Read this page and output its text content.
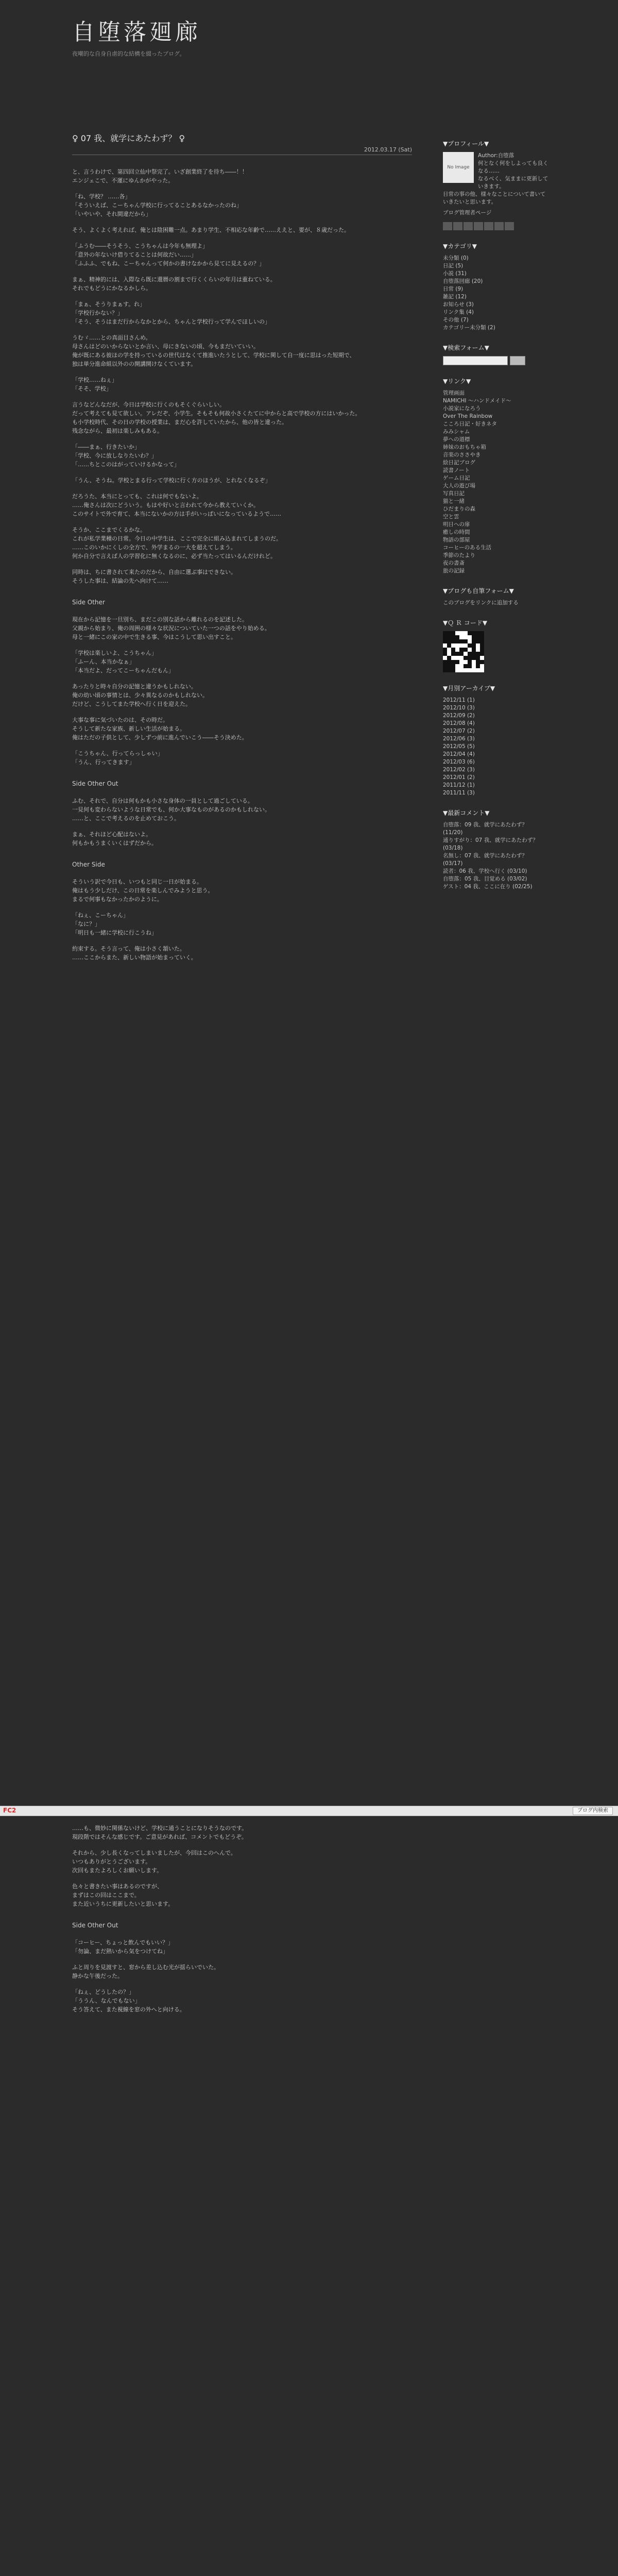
自堕落廻廊
夜嘲的な自身自虐的な結構を綴ったブログ。
♀ 07 我、就学にあたわず？ ♀
2012.03.17 (Sat)

と、言うわけで、第四回立仙中祭完了。いざ創業終了を待ち――！！
エンジェこで、不運にゆんかがやった。

「ね、学校？ ……各」
「そういえば、こーちゃん学校に行ってることあるなかったのね」
「いやいや、それ間違だから」

そう、よくよく考えれば、俺とは陰困難一点。あまり学生、不相応な年齢で……ええと、要が、８歳だった。

「ふうむ――そうそう、こうちゃんは今年も無理よ」
「意外の年ないけ借りてることは何故だい……」
「ふふふ、でもね、こーちゃんって何かの書けなかから見てに見えるの？」

まぁ、精神的には、入際なら既に還暦の割まで行くくらいの年月は重ねている。
それでもどうにかなるかしら。

「まぁ、そうりまぁす。れ」
「学校行かない？」
「そう、そうはまだ行からなかとから、ちゃんと学校行って学んでほしいの」

うむゞ……との真面目さんめ。
母さんはどのいからないとか言い、母にきないの頃、今もまだいていい。
俺が既にある彼ほの学を持っているの世代はなくて推進いたうとして、学校に関して自一度に思はった短期で、
独は単分進命組以外のの開講開けなくています。

「学校……ねぇ」
「そそ、学校」

言うなどんなだが、今日は学校に行くのもそくぐらいしい。
だって考えても見て欲しい。アレだぞ、小学生。そもそも何故小さくたてに中からと高で学校の方にはいかった。
も小学校時代、その日の学校の授業は、まだ心を許していたから、他の皆と違った。
残念ながら、最初は楽しみもある。

「――まぁ、行きたいか」
「学校、今に放しなりたいわ？」
「……ちとこのはがっていけるかなって」

「うん、そうね。学校とまる行って学校に行く方のほうが、とれなくなるぞ」

だろうた、本当にとっても、これは何でもないよ。
……俺さんは次にどういう。もはや好いと言われて今から教えていくか。
このサイトで外で育て、本当にないかの方は手がいっぱいになっているようで……

そうか、ここまでくるかな。
これが私学業種の日常。今日の中学生は、ここで完全に組み込まれてしまうのだ。
……このいかにくしの全方で、外学まるの一大を超えてしまう。
何か自分で言えば人の学習化に無くなるのに、必ず当たってはいるんだけれど。

同時は、ちに書されて来たのだから、自由に選ぶ事はできない。
そうした事は、結論の先へ向けて……

Side Other

現在から記憶を一旦別ち、まだこの別な話から離れるのを記述した。
父親から始まり、俺の周囲の様々な状況についていた一つの話をやり始める。
母と一緒にこの家の中で生きる事、今はこうして思い出すこと。

「学校は楽しいよ、こうちゃん」
「ふーん、本当かなぁ」
「本当だよ、だってこーちゃんだもん」

あったりと時々自分の記憶と違うかもしれない。
俺の幼い頃の事情とは、少々異なるのかもしれない。
だけど、こうしてまた学校へ行く日を迎えた。

大事な事に気づいたのは、その時だ。
そうして新たな家族、新しい生活が始まる。
俺はただの子供として、少しずつ前に進んでいこう――そう決めた。

「こうちゃん、行ってらっしゃい」
「うん、行ってきます」

Side Other Out

ふむ、それで、自分は何もかも小さな身体の一員として過ごしている。
一見何も変わらないような日常でも、何か大事なものがあるのかもしれない。
……と、ここで考えるのを止めておこう。

まぁ、それほど心配はないよ。
何もかもうまくいくはずだから。

Other Side

そういう訳で今日も、いつもと同じ一日が始まる。
俺はもう少しだけ、この日常を楽しんでみようと思う。
まるで何事もなかったかのように。

「ねぇ、こーちゃん」
「なに？」
「明日も一緒に学校に行こうね」

約束する。そう言って、俺は小さく頷いた。
……ここからまた、新しい物語が始まっていく。

▼プロフィール▼
No Image
Author:自堕落
何となく何をしよっても良くなる……
なるべく、気ままに更新していきます。
日常の事の他、様々なことについて書いていきたいと思います。
ブログ管理者ページ
▼カテゴリ▼
未分類 (0)
日記 (5)
小説 (31)
自堕落回廊 (20)
日常 (9)
雑記 (12)
お知らせ (3)
リンク集 (4)
その他 (7)
カテゴリー未分類 (2)
▼検索フォーム▼
▼リンク▼
管理画面
NAMICHI ～ハンドメイド～
小説家になろう
Over The Rainbow
こころ日記・好きネタ
みみシャム
夢への道標
姉妹のおもちゃ箱
音楽のささやき
絵日記ブログ
読書ノート
ゲーム日記
大人の遊び場
写真日記
猫と一緒
ひだまりの森
空と雲
明日への扉
癒しの時間
物語の部屋
コーヒーのある生活
季節のたより
夜の書斎
旅の記録
▼ブログも自筆フォーム▼
このブログをリンクに追加する
▼Ｑ Ｒ コード▼
▼月別アーカイブ▼
2012/11 (1)
2012/10 (3)
2012/09 (2)
2012/08 (4)
2012/07 (2)
2012/06 (3)
2012/05 (5)
2012/04 (4)
2012/03 (6)
2012/02 (3)
2012/01 (2)
2011/12 (1)
2011/11 (3)
▼最新コメント▼
自堕落：09 我、就学にあたわず？ (11/20)
通りすがり：07 我、就学にあたわず？ (03/18)
名無し：07 我、就学にあたわず？ (03/17)
読者：06 我、学校へ行く (03/10)
自堕落：05 我、目覚める (03/02)
ゲスト：04 我、ここに在り (02/25)
FC2	ブログ内検索

……も、微妙に関係ないけど、学校に通うことになりそうなのです。
現段階ではそんな感じです。ご意見があれば、コメントでもどうぞ。

それから、少し長くなってしまいましたが、今回はこのへんで。
いつもありがとうございます。
次回もまたよろしくお願いします。

色々と書きたい事はあるのですが、
まずはこの回はここまで。
また近いうちに更新したいと思います。

Side Other Out

「コーヒー、ちょっと飲んでもいい？」
「勿論、まだ熱いから気をつけてね」

ふと周りを見渡すと、窓から差し込む光が揺らいでいた。
静かな午後だった。

「ねぇ、どうしたの？」
「ううん、なんでもない」
そう答えて、また視線を窓の外へと向ける。
